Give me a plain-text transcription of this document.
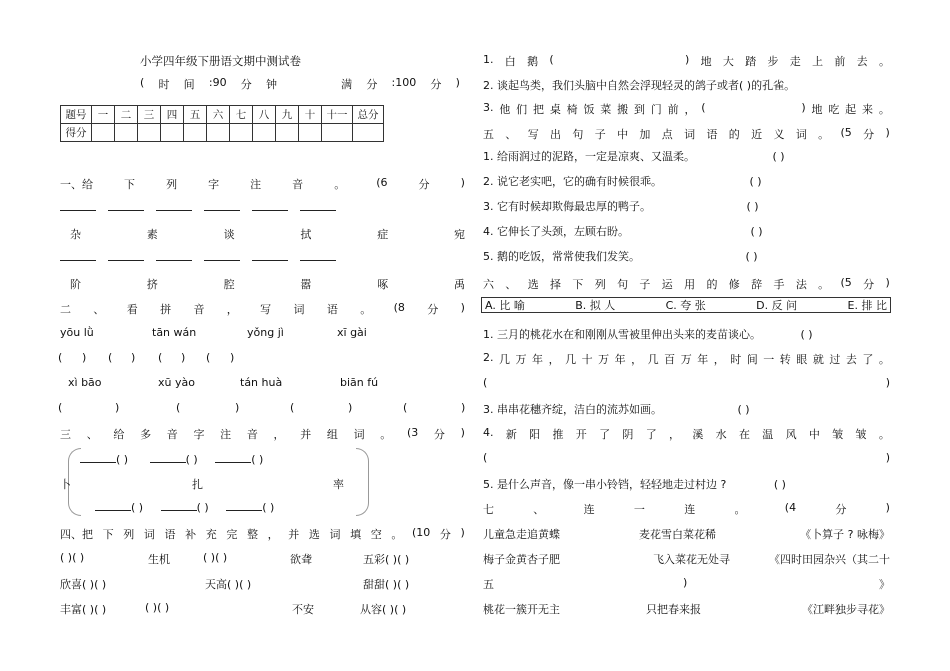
小学四年级下册语文期中测试卷
( 时 间 :90 分 钟	满 分 :100 分 )
题号	一	二	三	四	五	六	七	八	九	十	十一	总分
得分												
一、给	下	列	字	注	音	。	(6	分	)
杂	素	谈	拭	症	宛
阶	挤	腔	嚣	啄	禹
二 、 看 拼 音 ， 写 词 语 。 (8 分 )
yōu lǜ	tān wán	yǒng jì	xī gài
( ) ( ) ( ) ( )
xì bāo	xū yào	tán huà	biān fú
(	)	(	)	(	)	(	)
三 、 给 多 音 字 注 音 ， 并 组 词 。 (3 分 )
卜	扎	率
( )	( )	( )
( )	( )	( )
四、把 下 列 词 语 补 充 完 整 ， 并 选 词 填 空 。 (10 分 )
( )( )	生机	( )( )	欲聋	五彩( )( )
欣喜( )( )	天高( )( )	甜甜( )( )
丰富( )( )	( )( )	不安	从容( )( )
1. 白 鹅 (	) 地 大 踏 步 走 上 前 去 。
2. 谈起鸟类，我们头脑中自然会浮现轻灵的鸽子或者( )的孔雀。
3. 他 们 把 桌 椅 饭 菜 搬 到 门 前 ， (	) 地 吃 起 来 。
五 、 写 出 句 子 中 加 点 词 语 的 近 义 词 。 (5 分 )
1. 给雨润过的泥路，一定是凉爽、又温柔。	( )
2. 说它老实吧，它的确有时候很乖。	( )
3. 它有时候却欺侮最忠厚的鸭子。	( )
4. 它伸长了头颈，左顾右盼。	( )
5. 鹅的吃饭，常常使我们发笑。	( )
六 、 选 择 下 列 句 子 运 用 的 修 辞 手 法 。 (5 分 )
A. 比 喻	B. 拟 人	C. 夸 张	D. 反 问	E. 排 比
1. 三月的桃花水在和刚刚从雪被里伸出头来的麦苗谈心。	( )
2. 几 万 年 ， 几 十 万 年 ， 几 百 万 年 ， 时 间 一 转 眼 就 过 去 了 。
(	)
3. 串串花穗齐绽，洁白的流苏如画。	( )
4. 新 阳 推 开 了 阴 了 ， 溪 水 在 温 风 中 皱 皱 。
(	)
5. 是什么声音，像一串小铃铛，轻轻地走过村边 ?	( )
七	、	连	一	连	。	(4	分	)
儿童急走追黄蝶	麦花雪白菜花稀	《卜算子 ? 咏梅》
梅子金黄杏子肥	飞入菜花无处寻	《四时田园杂兴（其二十
五	)	》
桃花一簇开无主	只把春来报	《江畔独步寻花》
